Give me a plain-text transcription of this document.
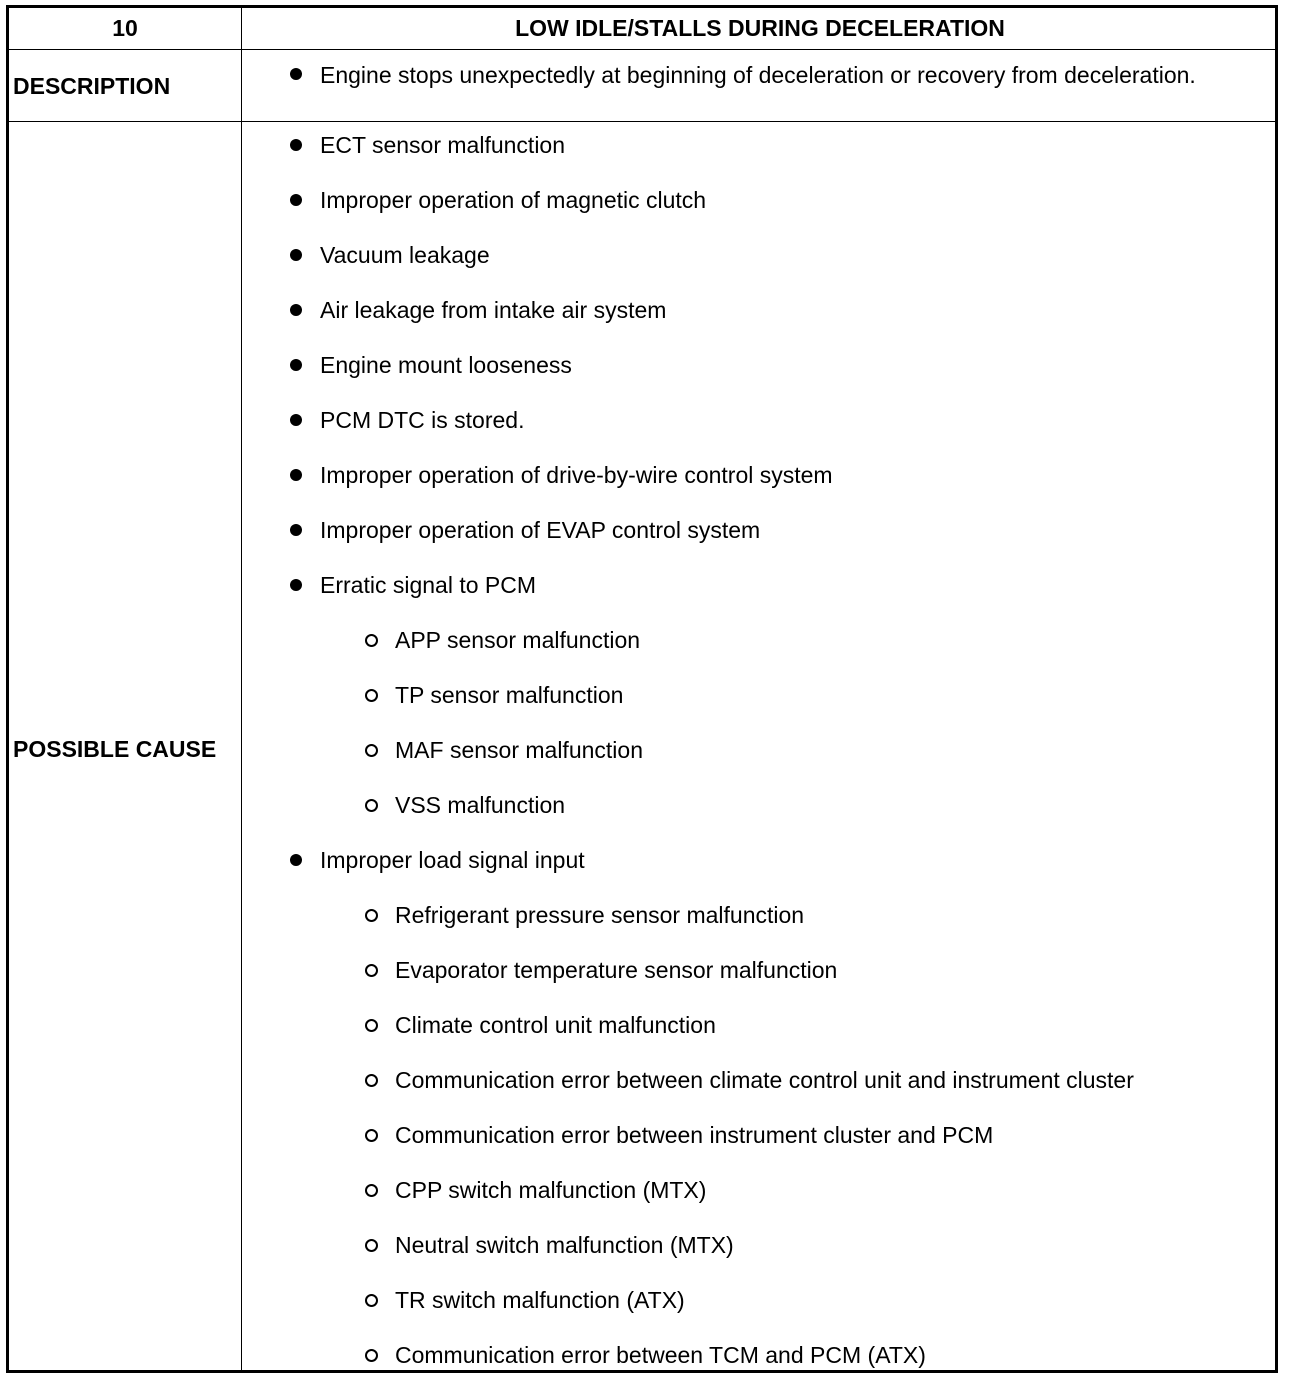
10	LOW IDLE/STALLS DURING DECELERATION
DESCRIPTION	Engine stops unexpectedly at beginning of deceleration or recovery from deceleration.
POSSIBLE CAUSE
ECT sensor malfunction
Improper operation of magnetic clutch
Vacuum leakage
Air leakage from intake air system
Engine mount looseness
PCM DTC is stored.
Improper operation of drive-by-wire control system
Improper operation of EVAP control system
Erratic signal to PCM
APP sensor malfunction
TP sensor malfunction
MAF sensor malfunction
VSS malfunction
Improper load signal input
Refrigerant pressure sensor malfunction
Evaporator temperature sensor malfunction
Climate control unit malfunction
Communication error between climate control unit and instrument cluster
Communication error between instrument cluster and PCM
CPP switch malfunction (MTX)
Neutral switch malfunction (MTX)
TR switch malfunction (ATX)
Communication error between TCM and PCM (ATX)
